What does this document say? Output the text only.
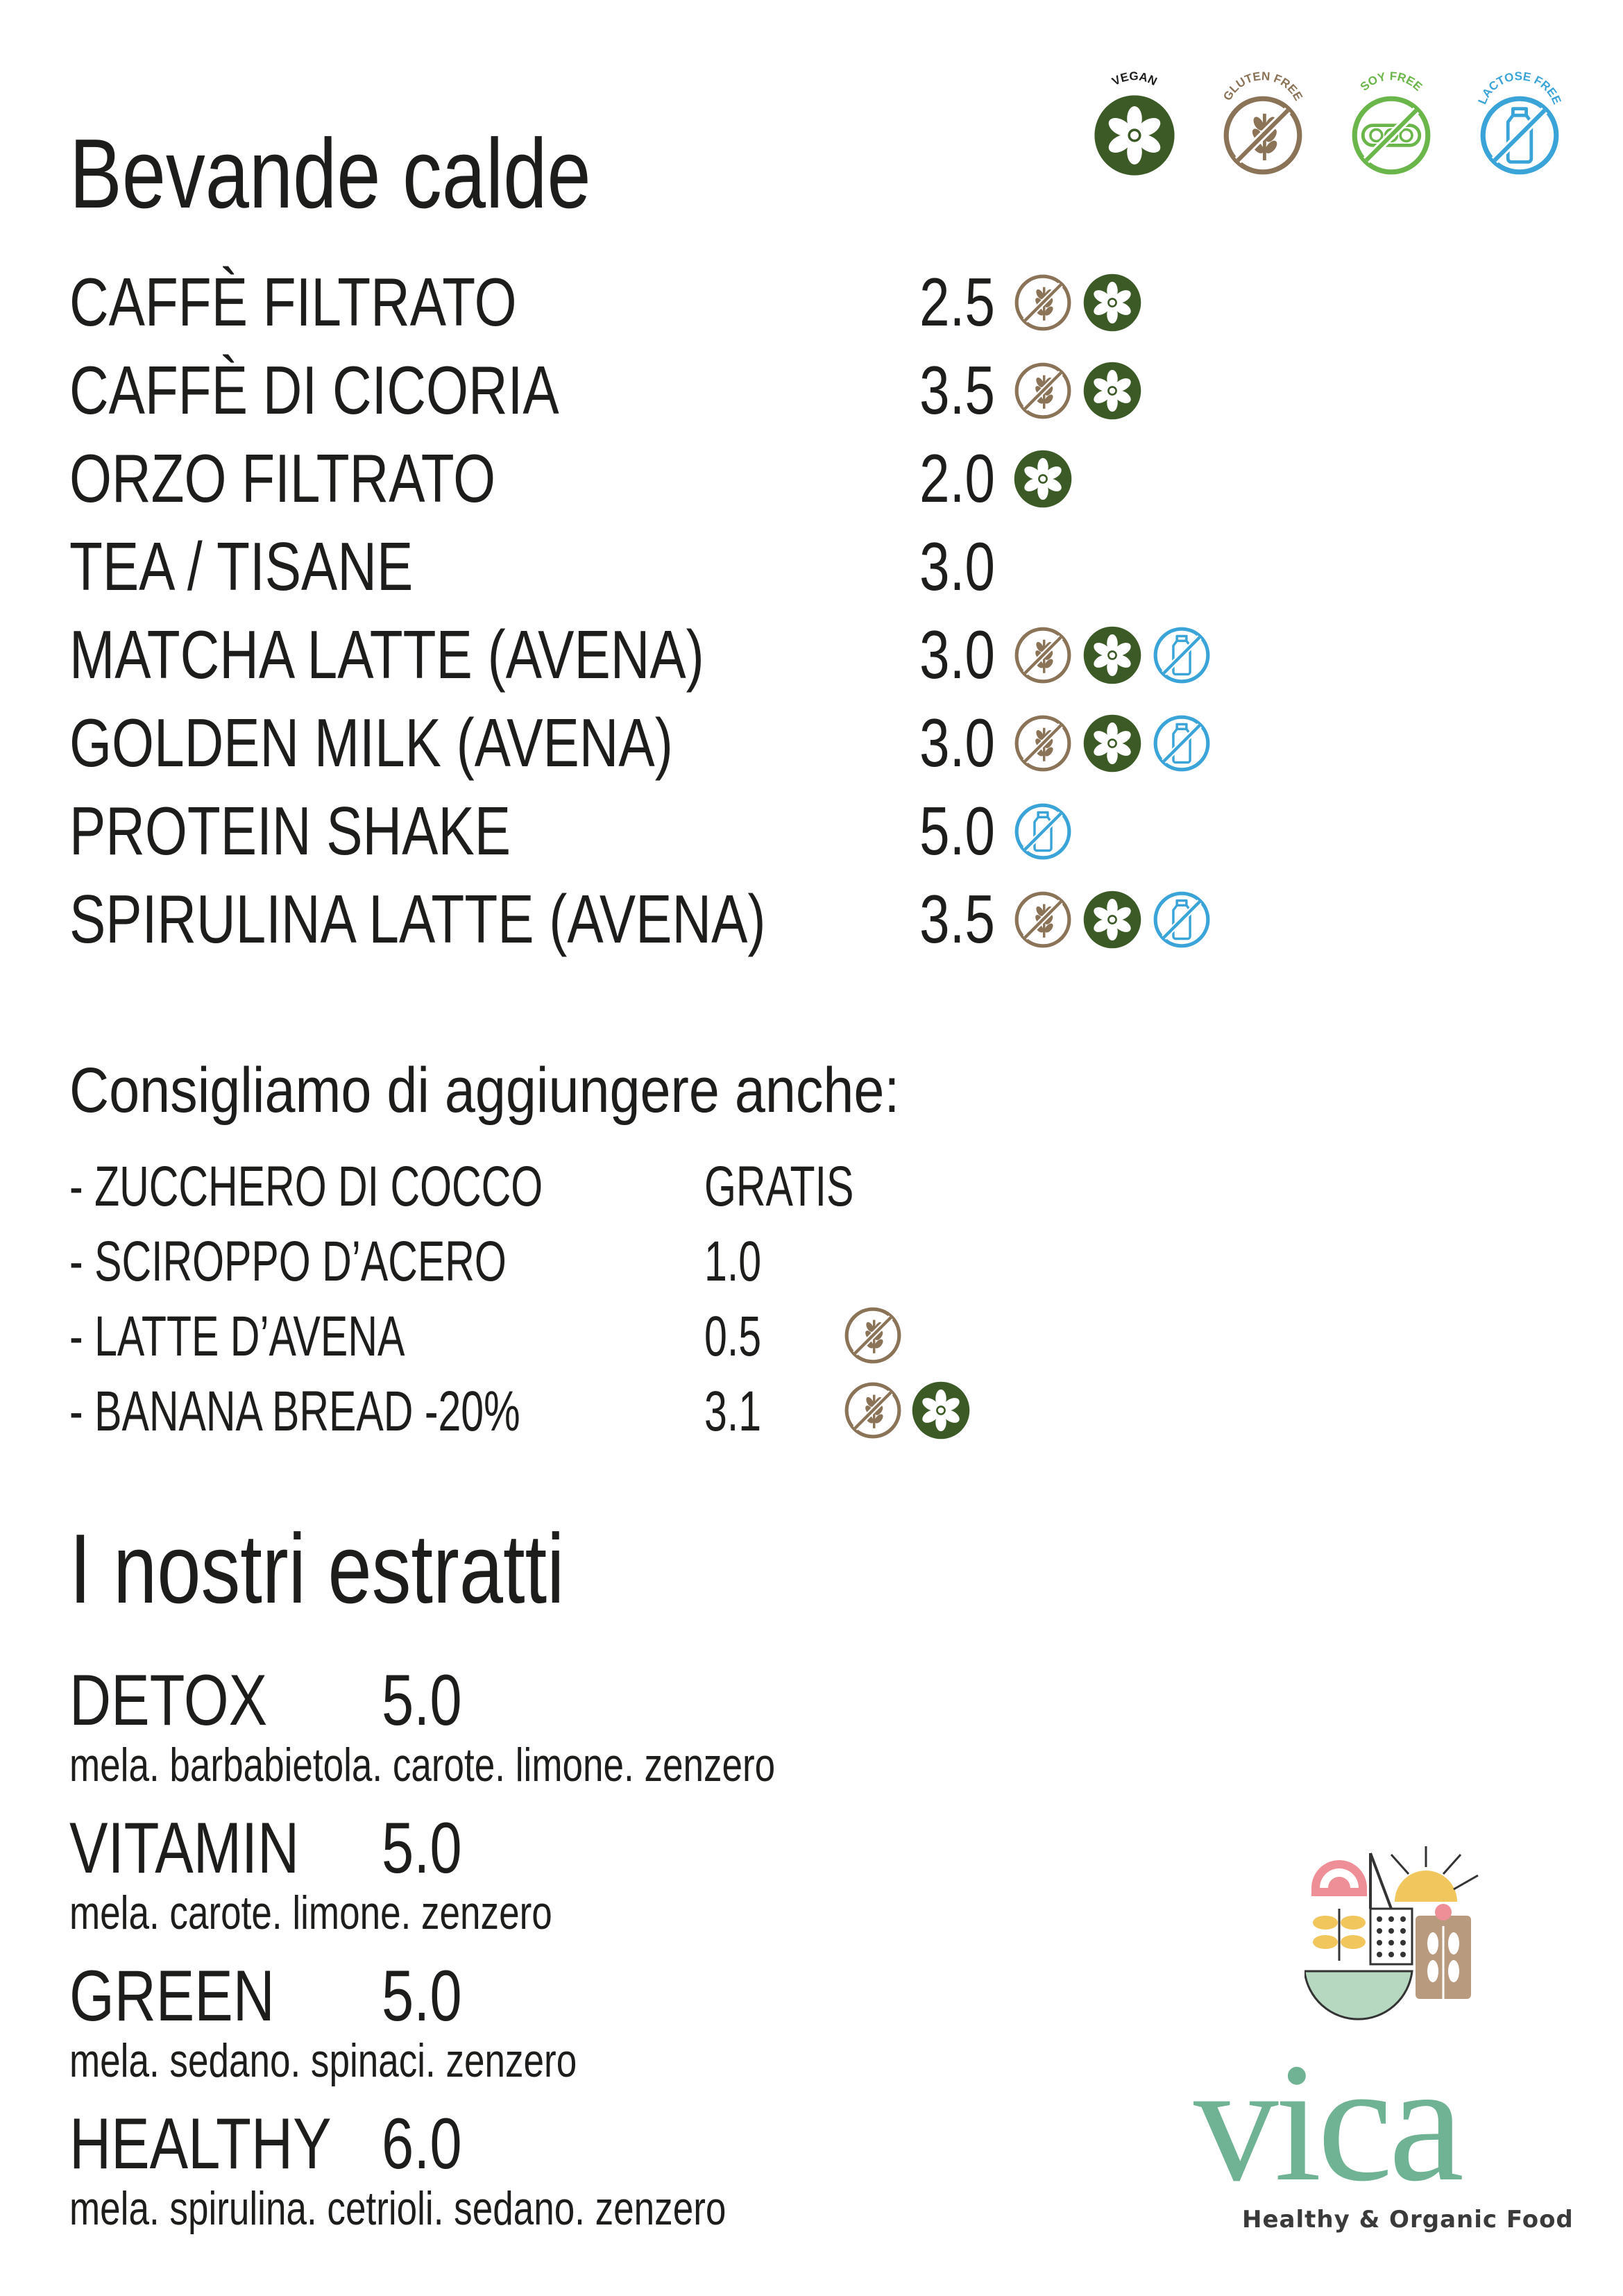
VEGAN
GLUTEN FREE
SOY FREE
LACTOSE FREE
Bevande calde
CAFFÈ FILTRATO	2.5
CAFFÈ DI CICORIA	3.5
ORZO FILTRATO	2.0
TEA / TISANE	3.0
MATCHA LATTE (AVENA)	3.0
GOLDEN MILK (AVENA)	3.0
PROTEIN SHAKE	5.0
SPIRULINA LATTE (AVENA)	3.5
Consigliamo di aggiungere anche:
- ZUCCHERO DI COCCO	GRATIS
- SCIROPPO D’ACERO	1.0
- LATTE D’AVENA	0.5
- BANANA BREAD -20%	3.1
I nostri estratti
DETOX	5.0
mela. barbabietola. carote. limone. zenzero
VITAMIN	5.0
mela. carote. limone. zenzero
GREEN	5.0
mela. sedano. spinaci. zenzero
HEALTHY 6.0
mela. spirulina. cetrioli. sedano. zenzero	vica
Healthy & Organic Food
